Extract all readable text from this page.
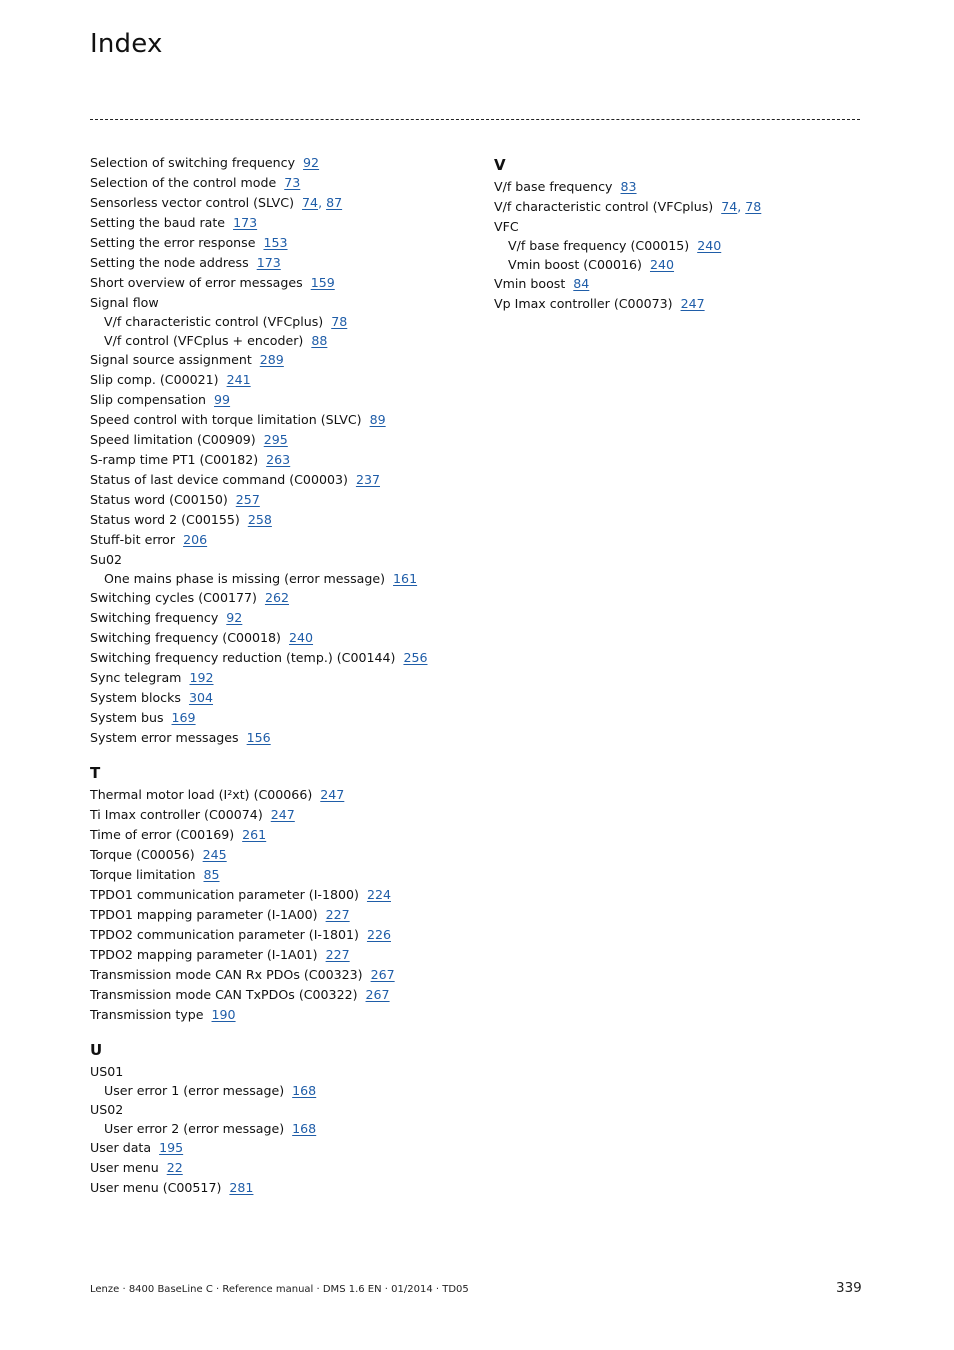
Index
Selection of switching frequency 92
Selection of the control mode 73
Sensorless vector control (SLVC) 74, 87
Setting the baud rate 173
Setting the error response 153
Setting the node address 173
Short overview of error messages 159
Signal flow
V/f characteristic control (VFCplus) 78
V/f control (VFCplus + encoder) 88
Signal source assignment 289
Slip comp. (C00021) 241
Slip compensation 99
Speed control with torque limitation (SLVC) 89
Speed limitation (C00909) 295
S-ramp time PT1 (C00182) 263
Status of last device command (C00003) 237
Status word (C00150) 257
Status word 2 (C00155) 258
Stuff-bit error 206
Su02
One mains phase is missing (error message) 161
Switching cycles (C00177) 262
Switching frequency 92
Switching frequency (C00018) 240
Switching frequency reduction (temp.) (C00144) 256
Sync telegram 192
System blocks 304
System bus 169
System error messages 156
T
Thermal motor load (I²xt) (C00066) 247
Ti Imax controller (C00074) 247
Time of error (C00169) 261
Torque (C00056) 245
Torque limitation 85
TPDO1 communication parameter (I-1800) 224
TPDO1 mapping parameter (I-1A00) 227
TPDO2 communication parameter (I-1801) 226
TPDO2 mapping parameter (I-1A01) 227
Transmission mode CAN Rx PDOs (C00323) 267
Transmission mode CAN TxPDOs (C00322) 267
Transmission type 190
U
US01
User error 1 (error message) 168
US02
User error 2 (error message) 168
User data 195
User menu 22
User menu (C00517) 281
V
V/f base frequency 83
V/f characteristic control (VFCplus) 74, 78
VFC
V/f base frequency (C00015) 240
Vmin boost (C00016) 240
Vmin boost 84
Vp Imax controller (C00073) 247
Lenze · 8400 BaseLine C · Reference manual · DMS 1.6 EN · 01/2014 · TD05	339
